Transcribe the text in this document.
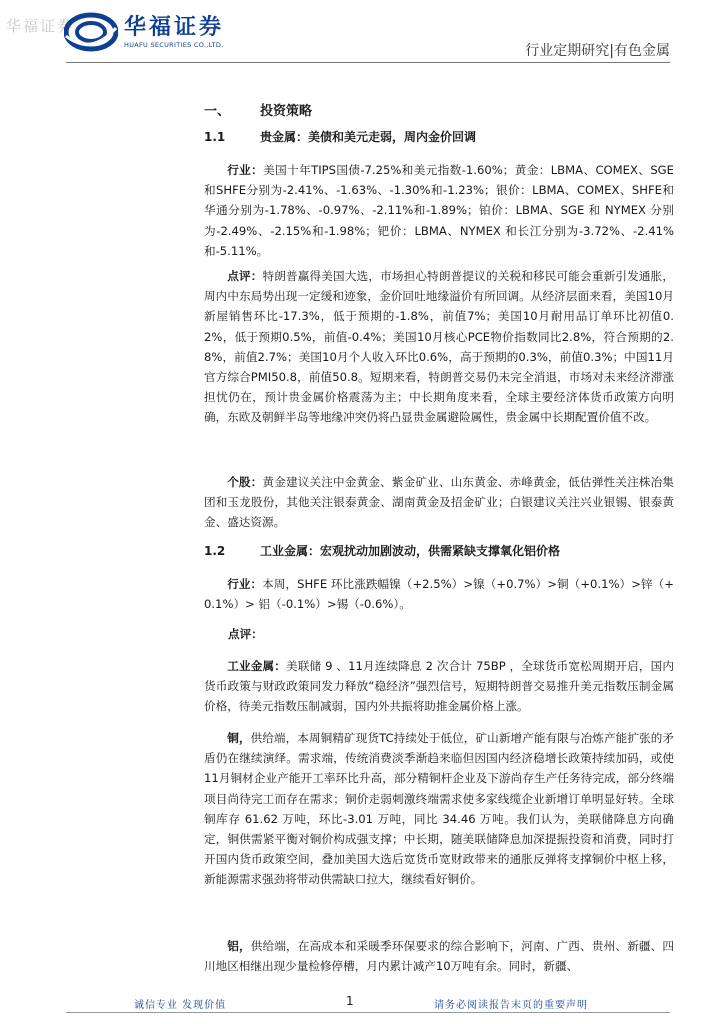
华福证券 华福证券
HUAFU SECURITIES CO.,LTD.	行业定期研究|有色金属
一、 投资策略
1.1	贵金属：美债和美元走弱，周内金价回调
行业：美国十年TIPS国债-7.25%和美元指数-1.60%；黄金：LBMA、COMEX、SGE和SHFE分别为-2.41%、-1.63%、-1.30%和-1.23%；银价：LBMA、COMEX、SHFE和华通分别为-1.78%、-0.97%、-2.11%和-1.89%；铂价：LBMA、SGE 和 NYMEX 分别为-2.49%、-2.15%和-1.98%；钯价：LBMA、NYMEX 和长江分别为-3.72%、-2.41%和-5.11%。
点评：特朗普赢得美国大选，市场担心特朗普提议的关税和移民可能会重新引发通胀，周内中东局势出现一定缓和迹象，金价回吐地缘溢价有所回调。从经济层面来看，美国10月新屋销售环比-17.3%，低于预期的-1.8%，前值7%；美国10月耐用品订单环比初值0.2%，低于预期0.5%，前值-0.4%；美国10月核心PCE物价指数同比2.8%，符合预期的2.8%，前值2.7%；美国10月个人收入环比0.6%，高于预期的0.3%，前值0.3%；中国11月官方综合PMI50.8，前值50.8。短期来看，特朗普交易仍未完全消退，市场对未来经济滞涨担忧仍在，预计贵金属价格震荡为主；中长期角度来看，全球主要经济体货币政策方向明确，东欧及朝鲜半岛等地缘冲突仍将凸显贵金属避险属性，贵金属中长期配置价值不改。
个股：黄金建议关注中金黄金、紫金矿业、山东黄金、赤峰黄金，低估弹性关注株冶集团和玉龙股份，其他关注银泰黄金、湖南黄金及招金矿业；白银建议关注兴业银锡、银泰黄金、盛达资源。
1.2	工业金属：宏观扰动加剧波动，供需紧缺支撑氧化铝价格
行业：本周，SHFE 环比涨跌幅镍（+2.5%）>镍（+0.7%）>铜（+0.1%）>锌（+0.1%）> 铝（-0.1%）>锡（-0.6%）。
点评：
工业金属：美联储 9 、11月连续降息 2 次合计 75BP ，全球货币宽松周期开启，国内货币政策与财政政策同发力释放“稳经济”强烈信号，短期特朗普交易推升美元指数压制金属价格，待美元指数压制减弱，国内外共振将助推金属价格上涨。
铜，供给端，本周铜精矿现货TC持续处于低位，矿山新增产能有限与冶炼产能扩张的矛盾仍在继续演绎。需求端，传统消费淡季渐趋来临但因国内经济稳增长政策持续加码，或使11月铜材企业产能开工率环比升高，部分精铜杆企业及下游尚存生产任务待完成，部分终端项目尚待完工而存在需求；铜价走弱刺激终端需求使多家线缆企业新增订单明显好转。全球铜库存 61.62 万吨，环比-3.01 万吨，同比 34.46 万吨。我们认为，美联储降息方向确定，铜供需紧平衡对铜价构成强支撑；中长期，随美联储降息加深提振投资和消费，同时打开国内货币政策空间，叠加美国大选后宽货币宽财政带来的通胀反弹将支撑铜价中枢上移，新能源需求强劲将带动供需缺口拉大，继续看好铜价。
铝，供给端，在高成本和采暖季环保要求的综合影响下，河南、广西、贵州、新疆、四川地区相继出现少量检修停槽，月内累计减产10万吨有余。同时，新疆、
诚信专业 发现价值	1	请务必阅读报告末页的重要声明
